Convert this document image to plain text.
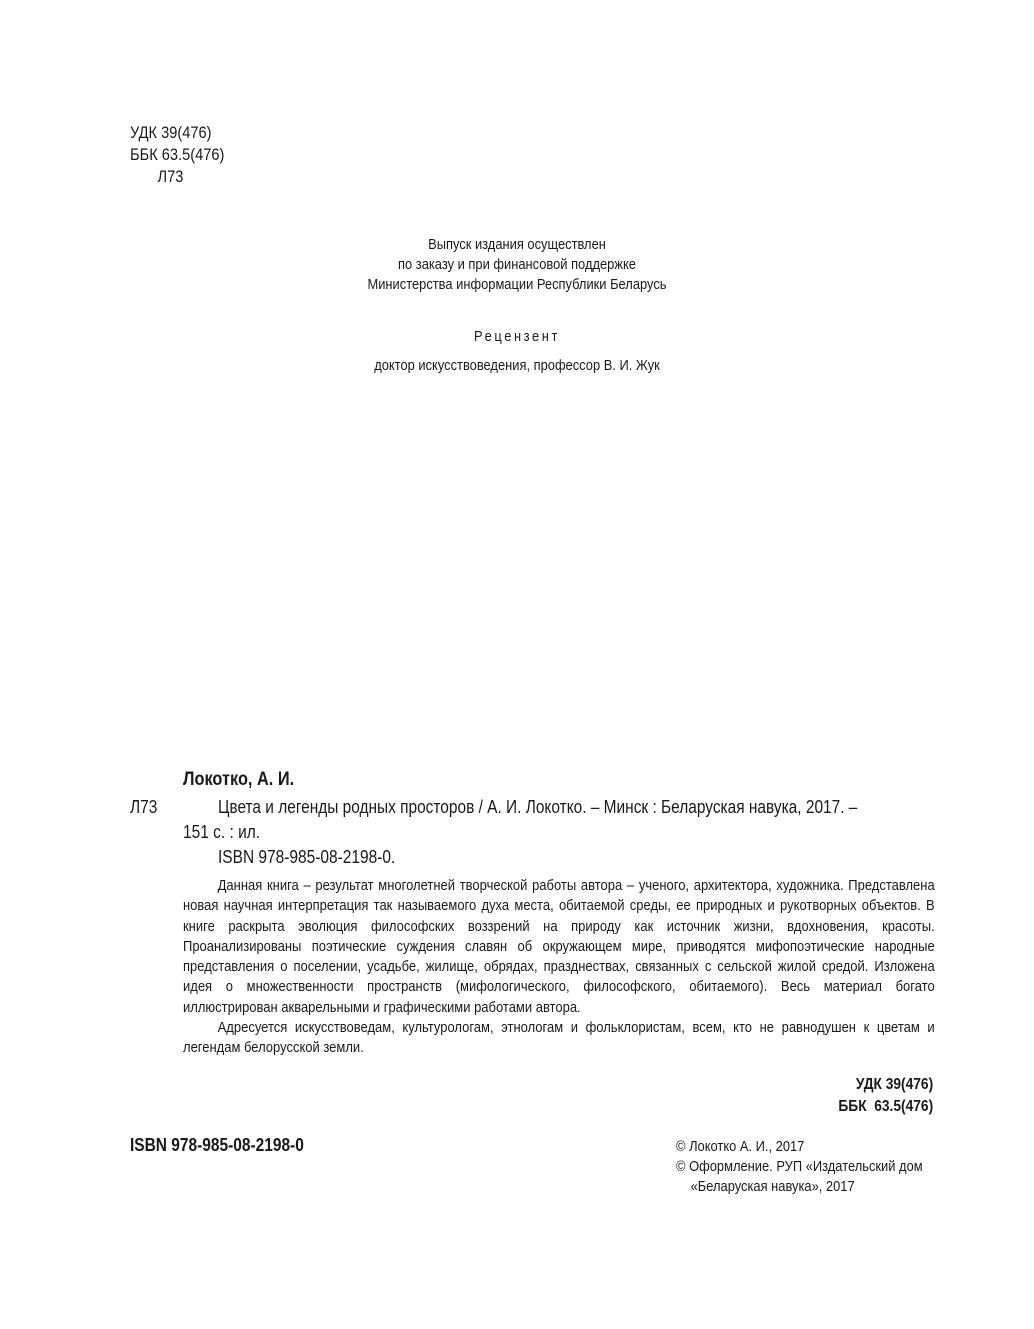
УДК 39(476)
ББК 63.5(476)
Л73
Выпуск издания осуществлен
по заказу и при финансовой поддержке
Министерства информации Республики Беларусь
Рецензент
доктор искусствоведения, профессор В. И. Жук
Локотко, А. И.
Л73	Цвета и легенды родных просторов / А. И. Локотко. – Минск : Беларуская навука, 2017. –
151 с. : ил.
ISBN 978-985-08-2198-0.

Данная книга – результат многолетней творческой работы автора – ученого, архитектора, художника. Представлена новая научная интерпретация так называемого духа места, обитаемой среды, ее природных и рукотворных объектов. В книге раскрыта эволюция философских воззрений на природу как источник жизни, вдохновения, красоты. Проанализированы поэтические суждения славян об окружающем мире, приводятся мифопоэтические народные представления о поселении, усадьбе, жилище, обрядах, празднествах, связанных с сельской жилой средой. Изложена идея о множественности пространств (мифологического, философского, обитаемого). Весь материал богато иллюстрирован акварельными и графическими работами автора.

Адресуется искусствоведам, культурологам, этнологам и фольклористам, всем, кто не равнодушен к цветам и легендам белорусской земли.

УДК 39(476)
ББК  63.5(476)
ISBN 978-985-08-2198-0	© Локотко А. И., 2017
© Оформление. РУП «Издательский дом
«Беларуская навука», 2017
